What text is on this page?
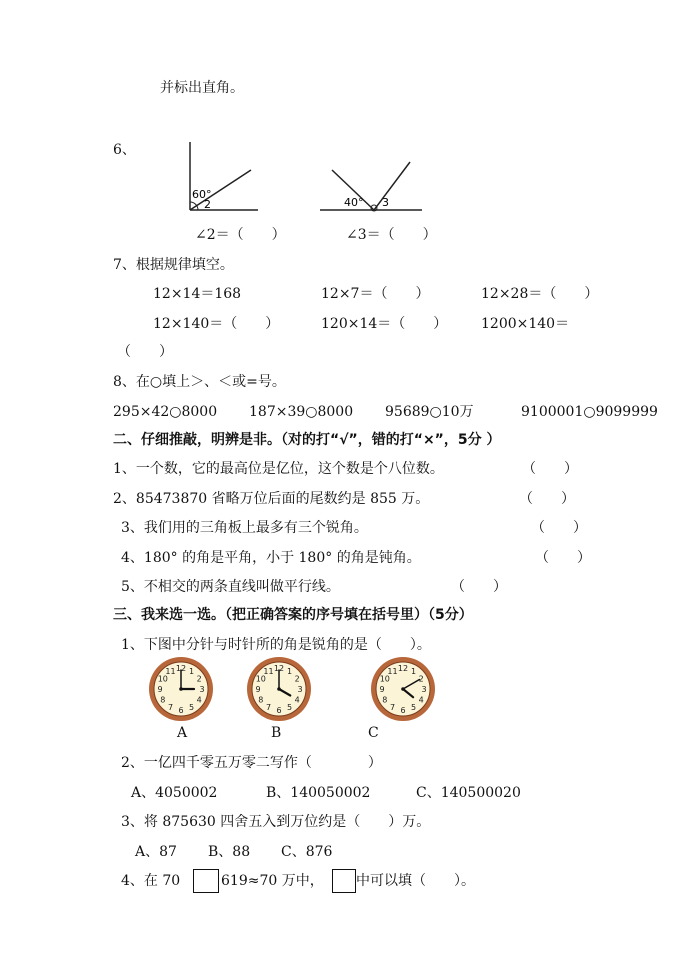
并标出直角。
6、
60°
2	40° 3
∠2＝（　　）	∠3＝（　　）
7、根据规律填空。
12×14＝168	12×7＝（　　）	12×28＝（　　）
12×140＝（　　）	120×14＝（　　） 1200×140＝
（　　）
8、在○填上＞、＜或=号。
295×42○8000 187×39○8000 95689○10万	9100001○9099999
二、仔细推敲，明辨是非。（对的打“√”，错的打“×”，5分 ）
1、一个数，它的最高位是亿位，这个数是个八位数。	（　　）
2、85473870 省略万位后面的尾数约是 855 万。	（　　）
3、我们用的三角板上最多有三个锐角。	（　　）
4、180° 的角是平角，小于 180° 的角是钝角。	（　　）
5、不相交的两条直线叫做平行线。	（　　）
三、我来选一选。（把正确答案的序号填在括号里）（5分）
1、下图中分针与时针所的角是锐角的是（　　）。
1
2
3
4
5
6
7
8
9
10
11 12	1
2
3
4
5
6
7
8
9
10
11 12	1
2
3
4
5
6
7
8
9
10
11 12
A	B	C
2、一亿四千零五万零二写作（　　　　）
A、4050002	B、140050002	C、140500020
3、将 875630 四舍五入到万位约是（　　）万。
A、87 B、88 C、876
4、在 70	619≈70 万中， 中可以填（　　）。
